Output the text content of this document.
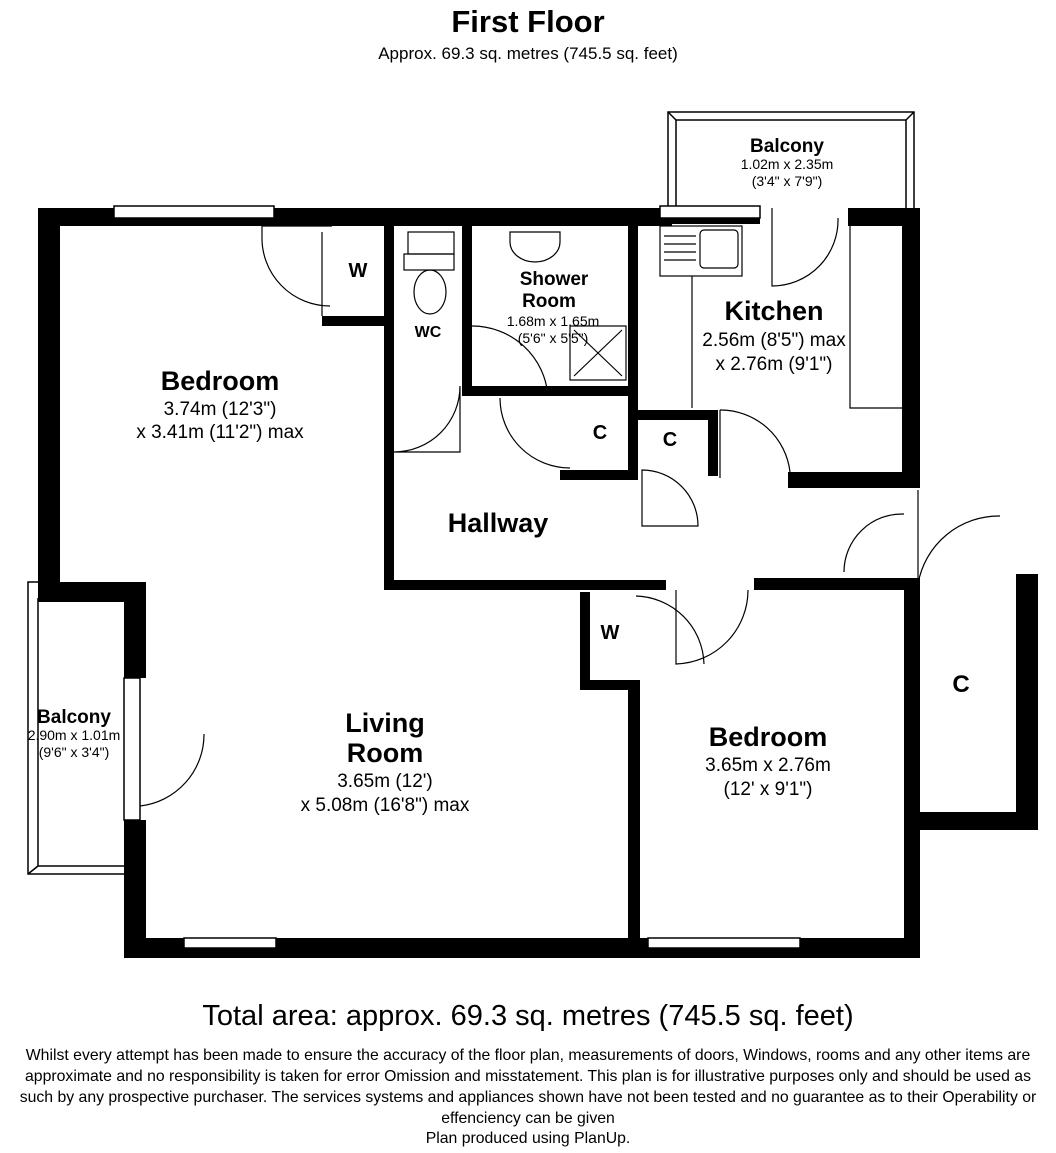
First Floor
Approx. 69.3 sq. metres (745.5 sq. feet)
Bedroom
3.74m (12'3")
x 3.41m (11'2") max
Kitchen
2.56m (8'5") max
x 2.76m (9'1")
Shower
Room
1.68m x 1.65m
(5'6" x 5'5")
Balcony
1.02m x 2.35m
(3'4" x 7'9")
Balcony
2.90m x 1.01m
(9'6" x 3'4")
Living
Room
3.65m (12')
x 5.08m (16'8") max
Bedroom
3.65m x 2.76m
(12' x 9'1")
Hallway
WC
W
W
C	C
C
Total area: approx. 69.3 sq. metres (745.5 sq. feet)
Whilst every attempt has been made to ensure the accuracy of the floor plan, measurements of doors, Windows, rooms and any other items are approximate and no responsibility is taken for error Omission and misstatement. This plan is for illustrative purposes only and should be used as such by any prospective purchaser. The services systems and appliances shown have not been tested and no guarantee as to their Operability or effenciency can be given
Plan produced using PlanUp.
